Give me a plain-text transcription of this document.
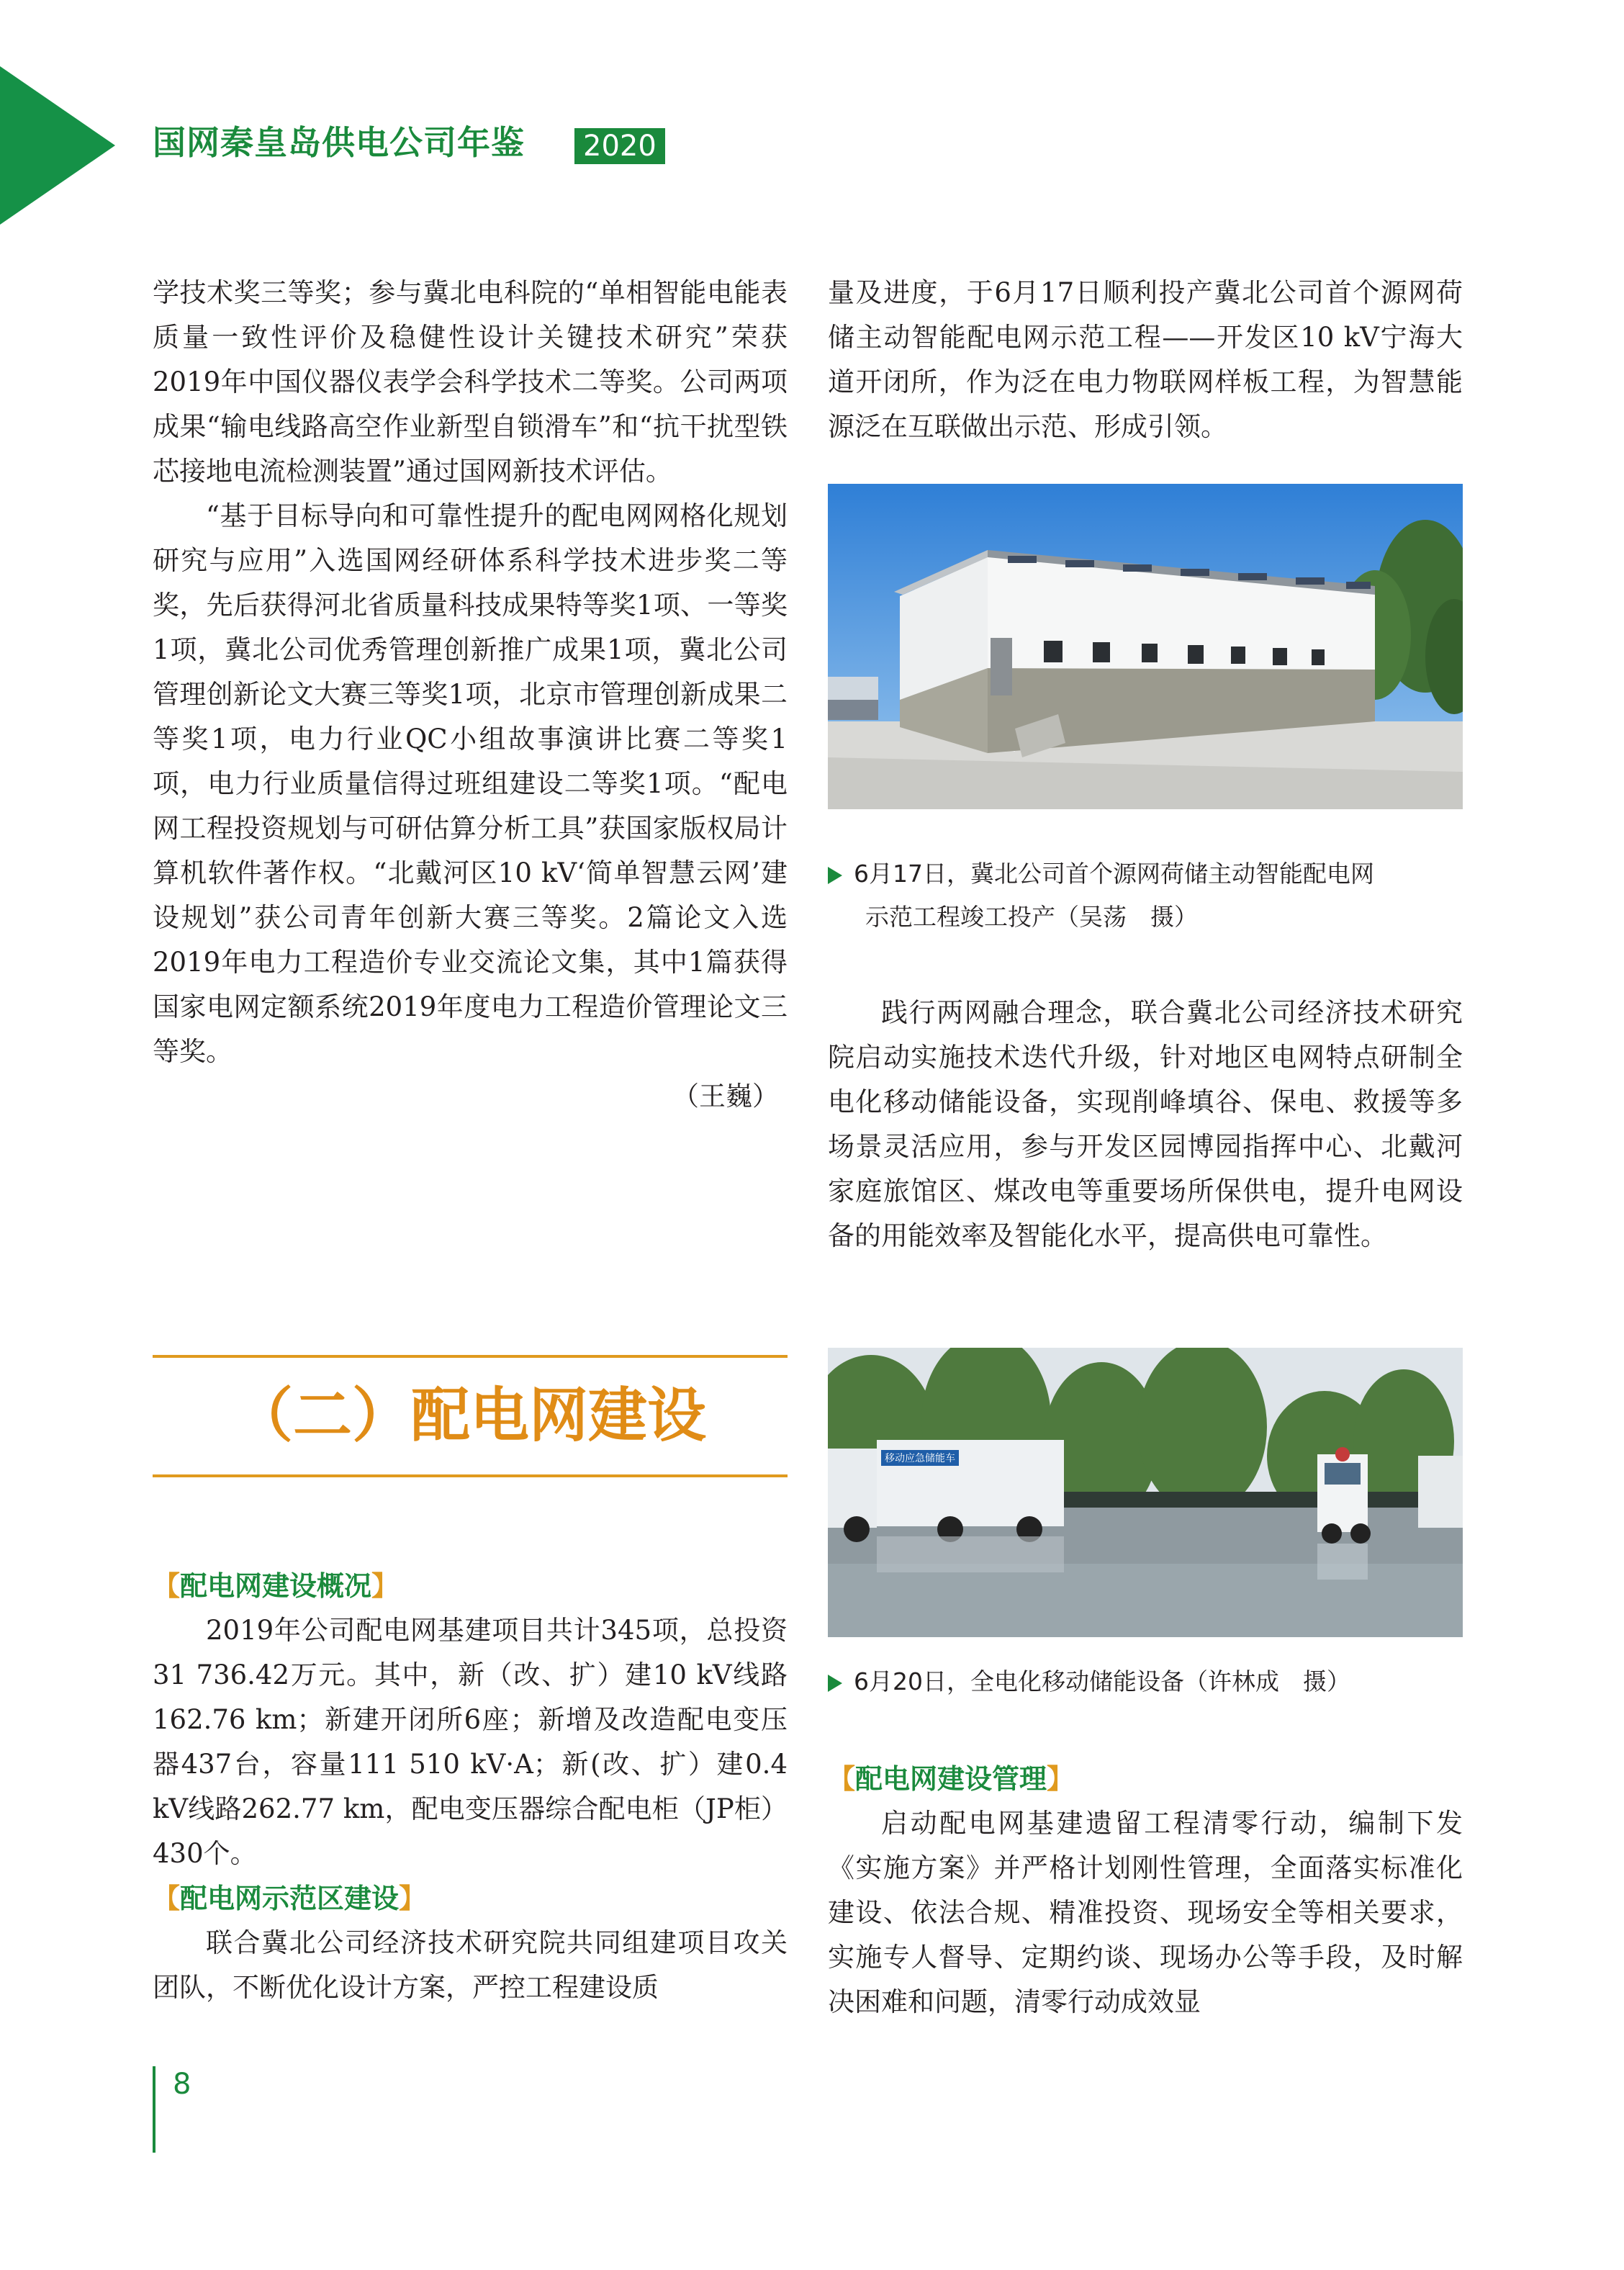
国网秦皇岛供电公司年鉴	2020

学技术奖三等奖；参与冀北电科院的“单相智能电能表质量一致性评价及稳健性设计关键技术研究”荣获2019年中国仪器仪表学会科学技术二等奖。公司两项成果“输电线路高空作业新型自锁滑车”和“抗干扰型铁芯接地电流检测装置”通过国网新技术评估。

“基于目标导向和可靠性提升的配电网网格化规划研究与应用”入选国网经研体系科学技术进步奖二等奖，先后获得河北省质量科技成果特等奖1项、一等奖1项，冀北公司优秀管理创新推广成果1项，冀北公司管理创新论文大赛三等奖1项，北京市管理创新成果二等奖1项，电力行业QC小组故事演讲比赛二等奖1项，电力行业质量信得过班组建设二等奖1项。“配电网工程投资规划与可研估算分析工具”获国家版权局计算机软件著作权。“北戴河区10 kV‘简单智慧云网’建设规划”获公司青年创新大赛三等奖。2篇论文入选2019年电力工程造价专业交流论文集，其中1篇获得国家电网定额系统2019年度电力工程造价管理论文三等奖。

（王巍）
（二）配电网建设
【配电网建设概况】

2019年公司配电网基建项目共计345项，总投资31 736.42万元。其中，新（改、扩）建10 kV线路162.76 km；新建开闭所6座；新增及改造配电变压器437台，容量111 510 kV·A；新(改、扩）建0.4 kV线路262.77 km，配电变压器综合配电柜（JP柜）430个。

【配电网示范区建设】

联合冀北公司经济技术研究院共同组建项目攻关团队，不断优化设计方案，严控工程建设质

量及进度，于6月17日顺利投产冀北公司首个源网荷储主动智能配电网示范工程——开发区10 kV宁海大道开闭所，作为泛在电力物联网样板工程，为智慧能源泛在互联做出示范、形成引领。

6月17日，冀北公司首个源网荷储主动智能配电网
示范工程竣工投产（吴荡　摄）

践行两网融合理念，联合冀北公司经济技术研究院启动实施技术迭代升级，针对地区电网特点研制全电化移动储能设备，实现削峰填谷、保电、救援等多场景灵活应用，参与开发区园博园指挥中心、北戴河家庭旅馆区、煤改电等重要场所保供电，提升电网设备的用能效率及智能化水平，提高供电可靠性。

移动应急储能车
6月20日，全电化移动储能设备（许林成　摄）
【配电网建设管理】

启动配电网基建遗留工程清零行动，编制下发《实施方案》并严格计划刚性管理，全面落实标准化建设、依法合规、精准投资、现场安全等相关要求，实施专人督导、定期约谈、现场办公等手段，及时解决困难和问题，清零行动成效显

8
